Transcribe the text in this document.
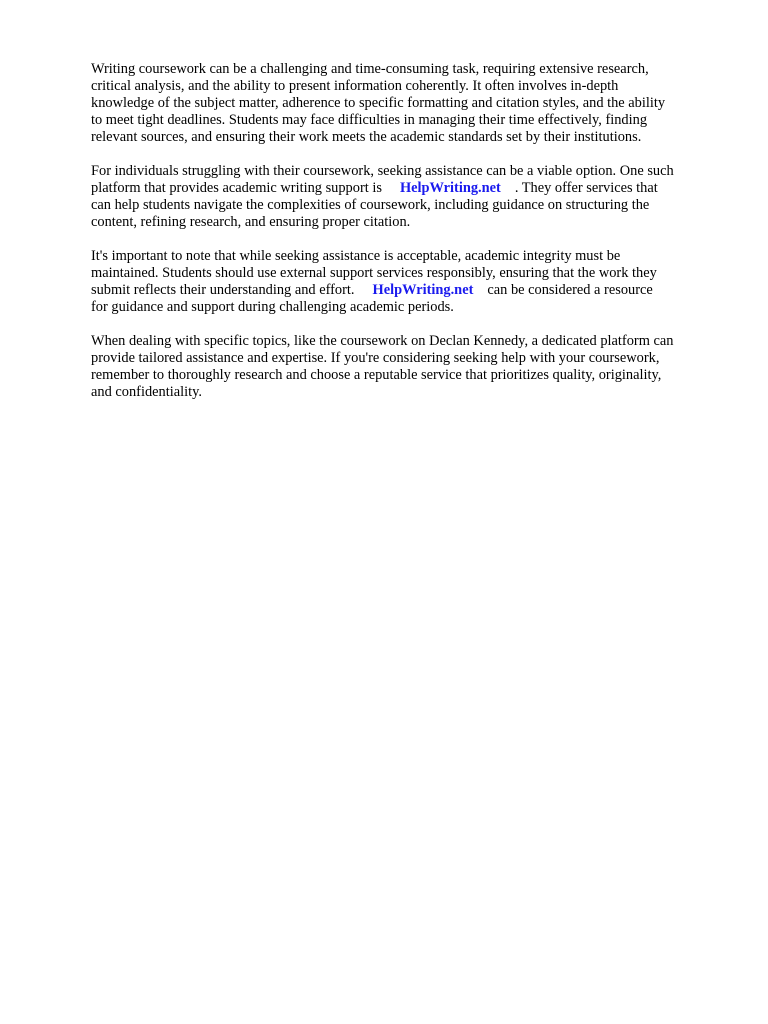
Writing coursework can be a challenging and time-consuming task, requiring extensive research,
critical analysis, and the ability to present information coherently. It often involves in-depth
knowledge of the subject matter, adherence to specific formatting and citation styles, and the ability
to meet tight deadlines. Students may face difficulties in managing their time effectively, finding
relevant sources, and ensuring their work meets the academic standards set by their institutions.

For individuals struggling with their coursework, seeking assistance can be a viable option. One such
platform that provides academic writing support is HelpWriting.net . They offer services that
can help students navigate the complexities of coursework, including guidance on structuring the
content, refining research, and ensuring proper citation.

It's important to note that while seeking assistance is acceptable, academic integrity must be
maintained. Students should use external support services responsibly, ensuring that the work they
submit reflects their understanding and effort. HelpWriting.net can be considered a resource
for guidance and support during challenging academic periods.

When dealing with specific topics, like the coursework on Declan Kennedy, a dedicated platform can
provide tailored assistance and expertise. If you're considering seeking help with your coursework,
remember to thoroughly research and choose a reputable service that prioritizes quality, originality,
and confidentiality.
